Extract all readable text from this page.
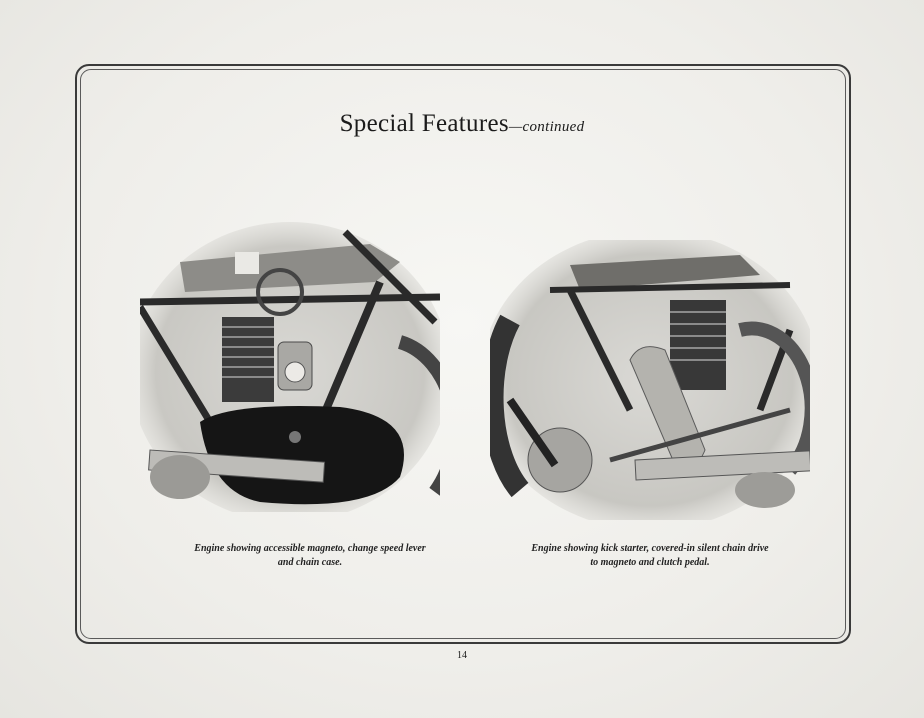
Special Features—continued
Engine showing accessible magneto, change speed lever
and chain case.
Engine showing kick starter, covered-in silent chain drive
to magneto and clutch pedal.
14
